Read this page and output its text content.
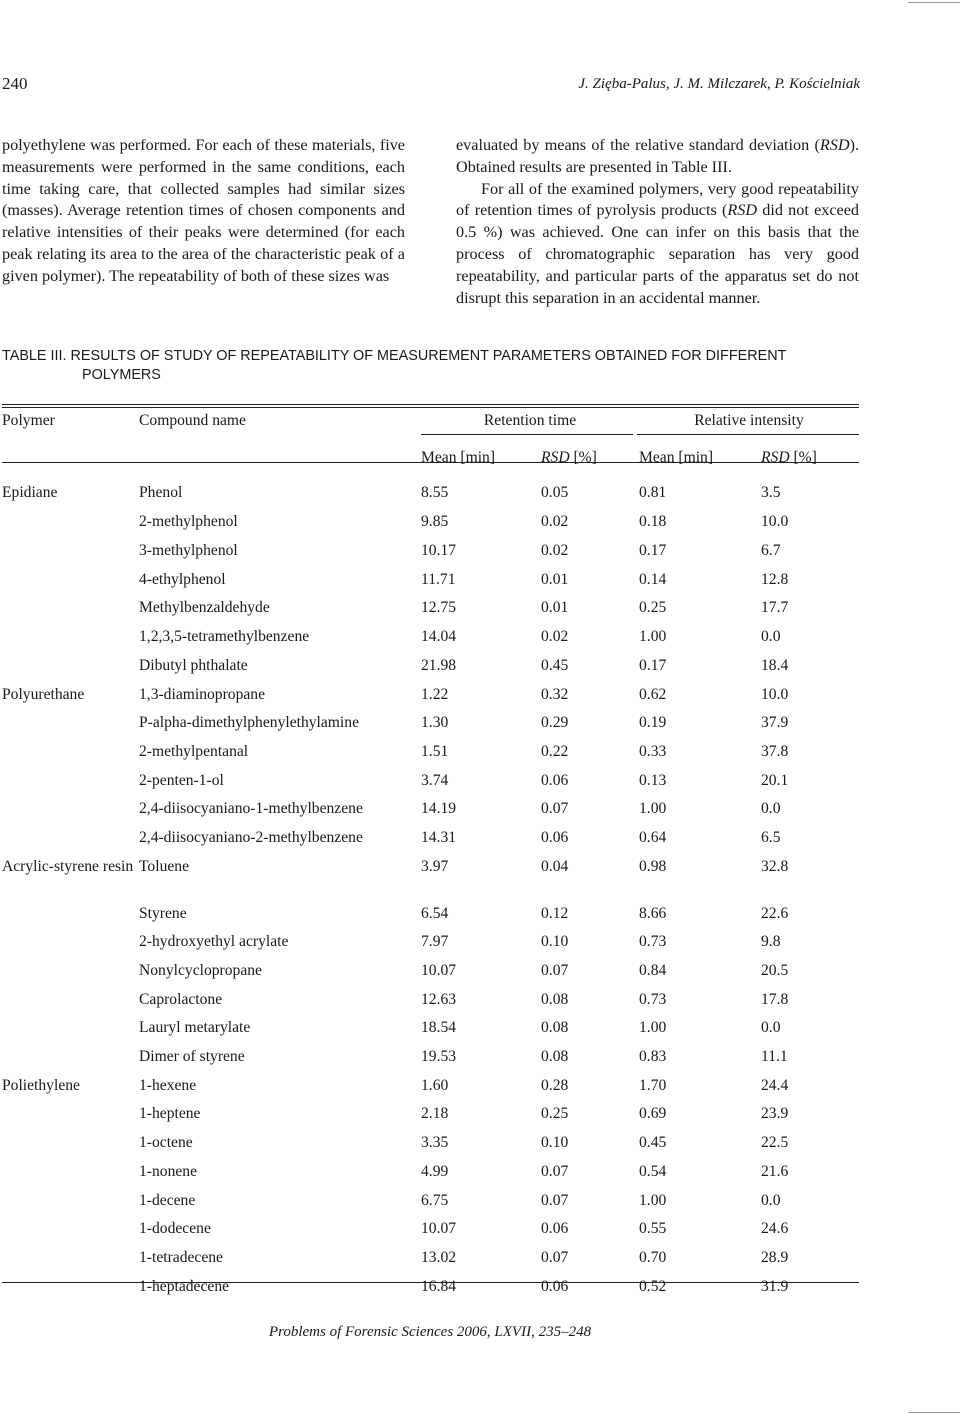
240	J. Zięba-Palus, J. M. Milczarek, P. Kościelniak

polyethylene was performed. For each of these materials, five measurements were performed in the same conditions, each time taking care, that collected samples had similar sizes (masses). Average retention times of chosen components and relative intensities of their peaks were determined (for each peak relating its area to the area of the characteristic peak of a given polymer). The repeatability of both of these sizes was

evaluated by means of the relative standard deviation (RSD). Obtained results are presented in Table III.

For all of the examined polymers, very good repeatability of retention times of pyrolysis products (RSD did not exceed 0.5 %) was achieved. One can infer on this basis that the process of chromatographic separation has very good repeatability, and particular parts of the apparatus set do not disrupt this separation in an accidental manner.

TABLE III. RESULTS OF STUDY OF REPEATABILITY OF MEASUREMENT PARAMETERS OBTAINED FOR DIFFERENT
POLYMERS
Polymer	Compound name	Retention time		Relative intensity	
		Mean [min]	RSD [%]	Mean [min]	RSD [%]
Epidiane	Phenol	8.55	0.05	0.81	3.5
	2-methylphenol	9.85	0.02	0.18	10.0
	3-methylphenol	10.17	0.02	0.17	6.7
	4-ethylphenol	11.71	0.01	0.14	12.8
	Methylbenzaldehyde	12.75	0.01	0.25	17.7
	1,2,3,5-tetramethylbenzene	14.04	0.02	1.00	0.0
	Dibutyl phthalate	21.98	0.45	0.17	18.4
Polyurethane	1,3-diaminopropane	1.22	0.32	0.62	10.0
	P-alpha-dimethylphenylethylamine	1.30	0.29	0.19	37.9
	2-methylpentanal	1.51	0.22	0.33	37.8
	2-penten-1-ol	3.74	0.06	0.13	20.1
	2,4-diisocyaniano-1-methylbenzene	14.19	0.07	1.00	0.0
	2,4-diisocyaniano-2-methylbenzene	14.31	0.06	0.64	6.5
Acrylic-styrene resin	Toluene	3.97	0.04	0.98	32.8
	Styrene	6.54	0.12	8.66	22.6
	2-hydroxyethyl acrylate	7.97	0.10	0.73	9.8
	Nonylcyclopropane	10.07	0.07	0.84	20.5
	Caprolactone	12.63	0.08	0.73	17.8
	Lauryl metarylate	18.54	0.08	1.00	0.0
	Dimer of styrene	19.53	0.08	0.83	11.1
Poliethylene	1-hexene	1.60	0.28	1.70	24.4
	1-heptene	2.18	0.25	0.69	23.9
	1-octene	3.35	0.10	0.45	22.5
	1-nonene	4.99	0.07	0.54	21.6
	1-decene	6.75	0.07	1.00	0.0
	1-dodecene	10.07	0.06	0.55	24.6
	1-tetradecene	13.02	0.07	0.70	28.9
	1-heptadecene	16.84	0.06	0.52	31.9
Problems of Forensic Sciences 2006, LXVII, 235–248
